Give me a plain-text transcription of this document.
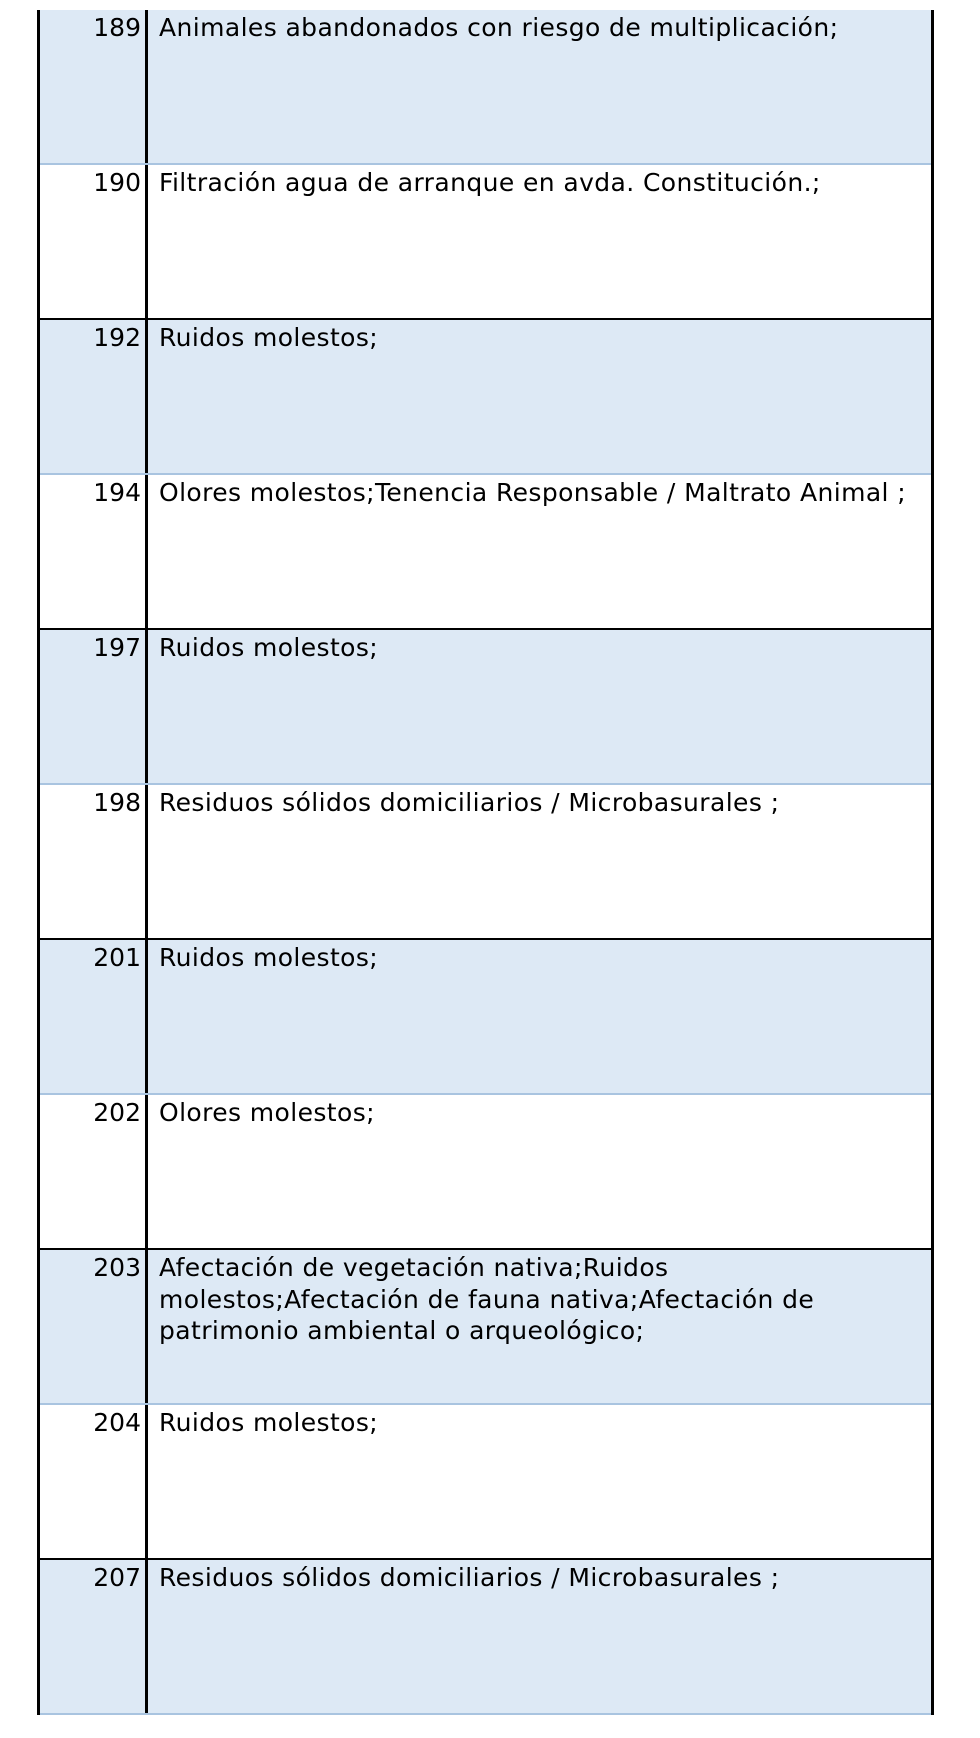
189 Animales abandonados con riesgo de multiplicación;
190 Filtración agua de arranque en avda. Constitución.;
192 Ruidos molestos;
194 Olores molestos;Tenencia Responsable / Maltrato Animal ;
197 Ruidos molestos;
198 Residuos sólidos domiciliarios / Microbasurales ;
201 Ruidos molestos;
202 Olores molestos;
203 Afectación de vegetación nativa;Ruidos molestos;Afectación de fauna nativa;Afectación de patrimonio ambiental o arqueológico;
204 Ruidos molestos;
207 Residuos sólidos domiciliarios / Microbasurales ;
